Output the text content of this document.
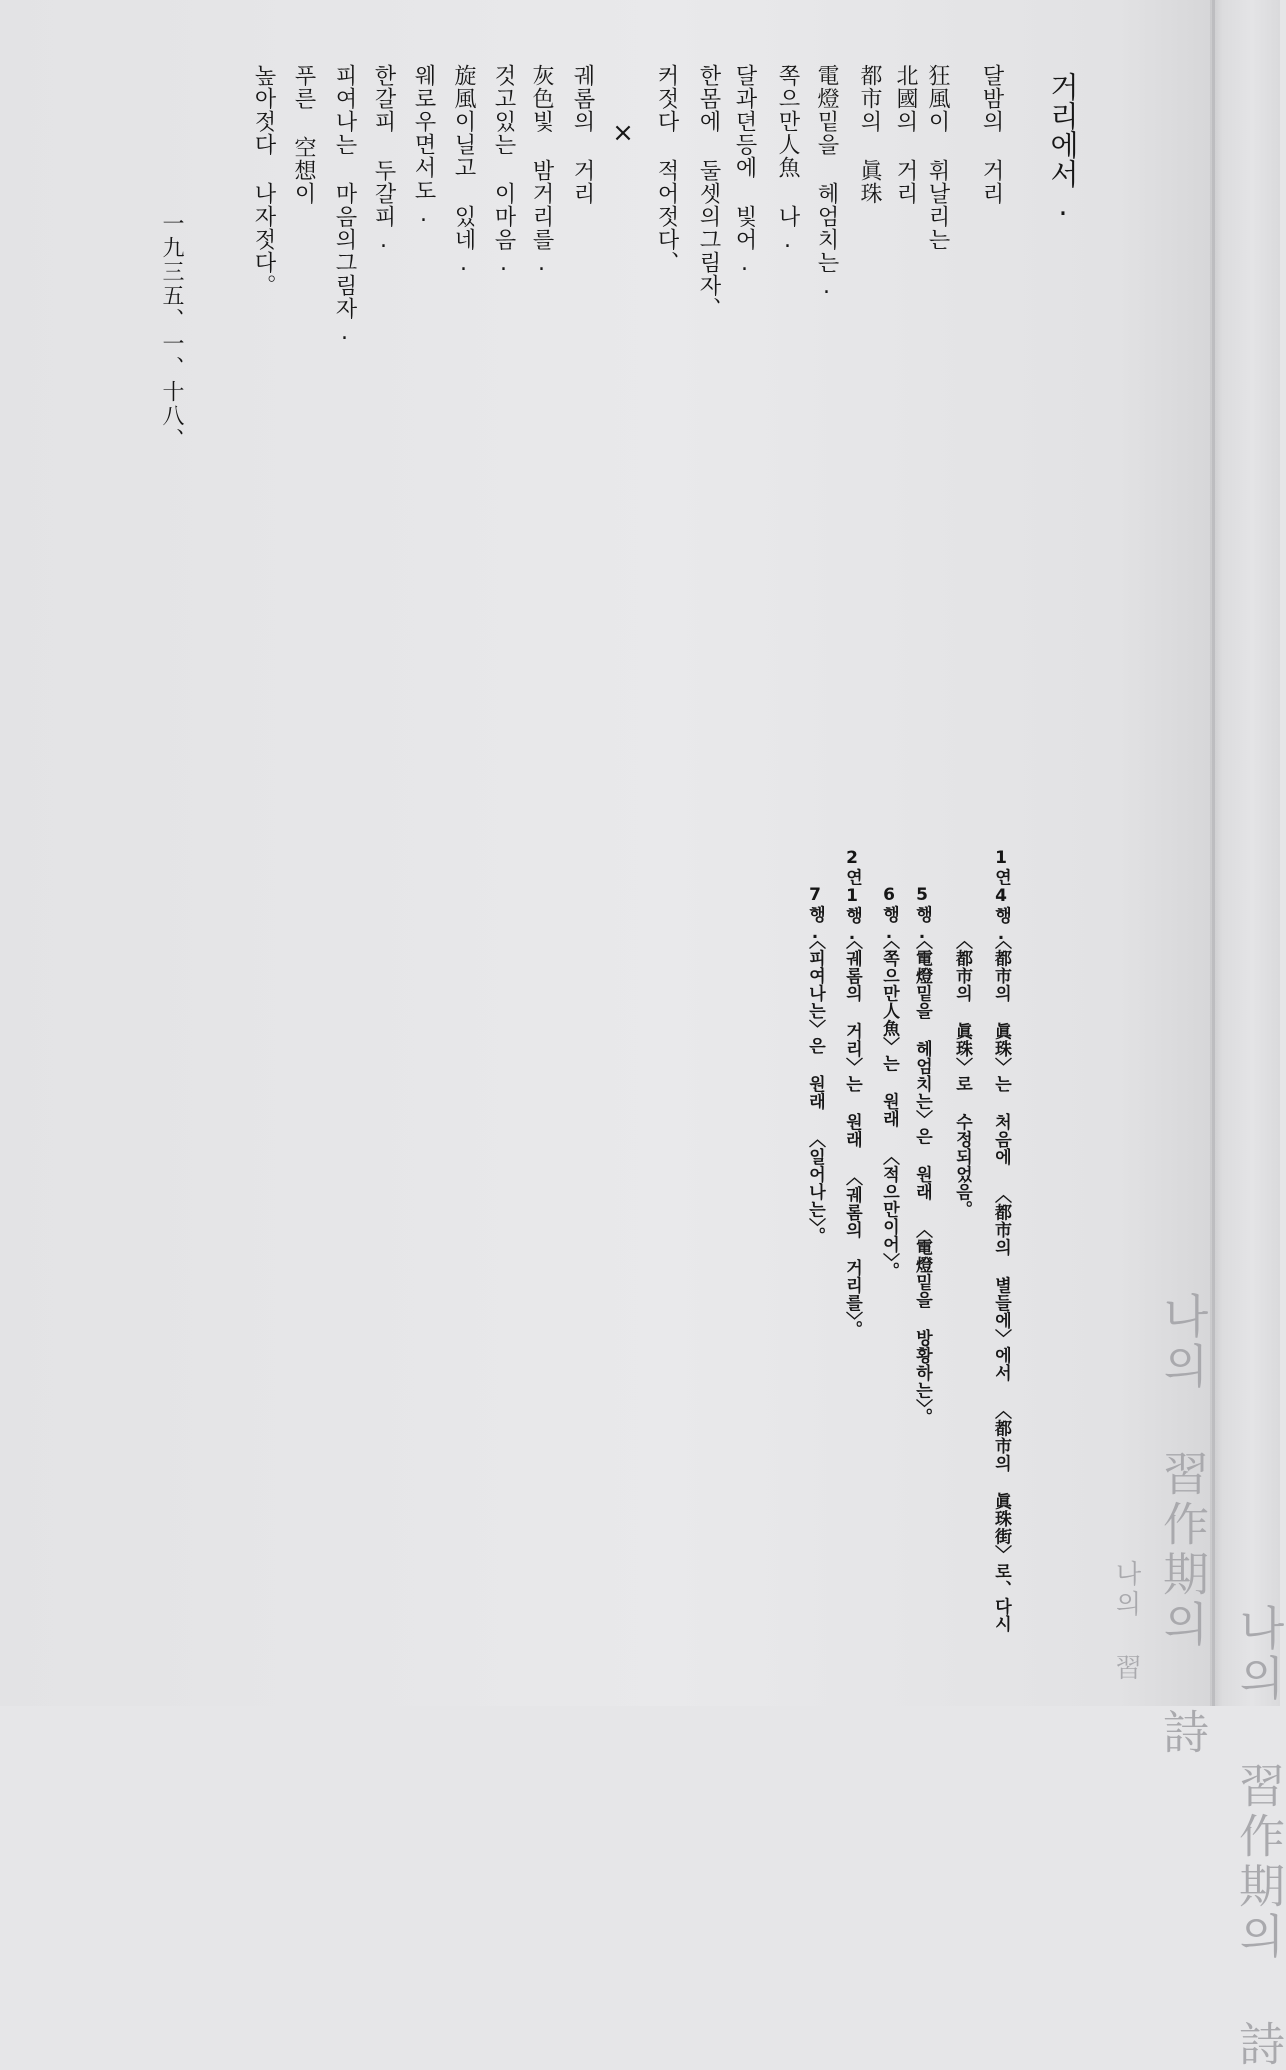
거리에서.
달밤의 거리
狂風이 휘날리는
北國의 거리
都市의 眞珠
電燈밑을 헤엄치는.
쪽으만人魚 나.
달과뎐등에 빛어.
한몸에 둘셋의그림자、
커젓다 적어젓다、
×
궤롬의 거리
灰色빛 밤거리를.
것고있는 이마음.
旋風이닐고 있네.
웨로우면서도.
한갈피 두갈피.
피여나는 마음의그림자.
푸른 空想이
높아젓다 나자젓다。
一九三五、一、十八、
1연4행.
〈都市의 眞珠〉는 처음에 〈都市의 별들에〉에서 〈都市의 眞珠街〉로、다시
〈都市의 眞珠〉로 수정되었음。
5행.
〈電燈밑을 헤엄치는〉은 원래 〈電燈밑을 방황하는〉。
6행.
〈쪽으만人魚〉는 원래 〈적으만이어〉。
2연1행.
〈궤롬의 거리〉는 원래 〈궤롬의 거리를〉。
7행.
〈피여나는〉은 원래 〈일어나는〉。
나의 習作期의 詩
나의 習 나의 習作期의 詩
